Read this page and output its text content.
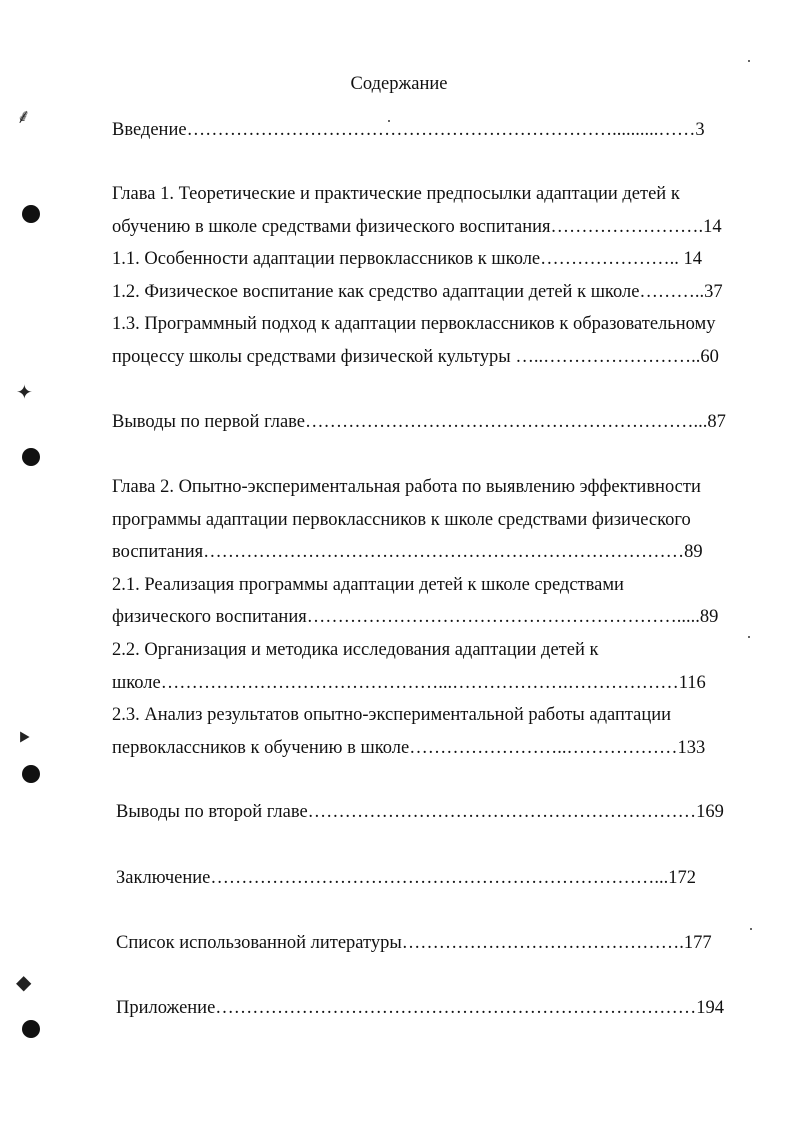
⸙
✦
⯈
◆
Содержание
Введение……………………………………………………………..........……3
Глава 1. Теоретические и практические предпосылки адаптации детей к
обучению в школе средствами физического воспитания…………………….14
1.1. Особенности адаптации первоклассников к школе………………….. 14
1.2. Физическое воспитание как средство адаптации детей к школе………..37
1.3. Программный подход к адаптации первоклассников к образовательному
процессу школы средствами физической культуры …..……………………..60
Выводы по первой главе………………………………………………………...87
Глава 2. Опытно-экспериментальная работа по выявлению эффективности
программы адаптации первоклассников к школе средствами физического
воспитания……………………………………………………………………89
2.1. Реализация программы адаптации детей к школе средствами
физического воспитания…………………………………………………….....89
2.2. Организация и методика исследования адаптации детей к
школе………………………………………...……………….………………116
2.3. Анализ результатов опытно-экспериментальной работы адаптации
первоклассников к обучению в школе……………………..………………133
Выводы по второй главе………………………………………………………169
Заключение………………………………………………………………...172
Список использованной литературы……………………………………….177
Приложение……………………………………………………………………194
